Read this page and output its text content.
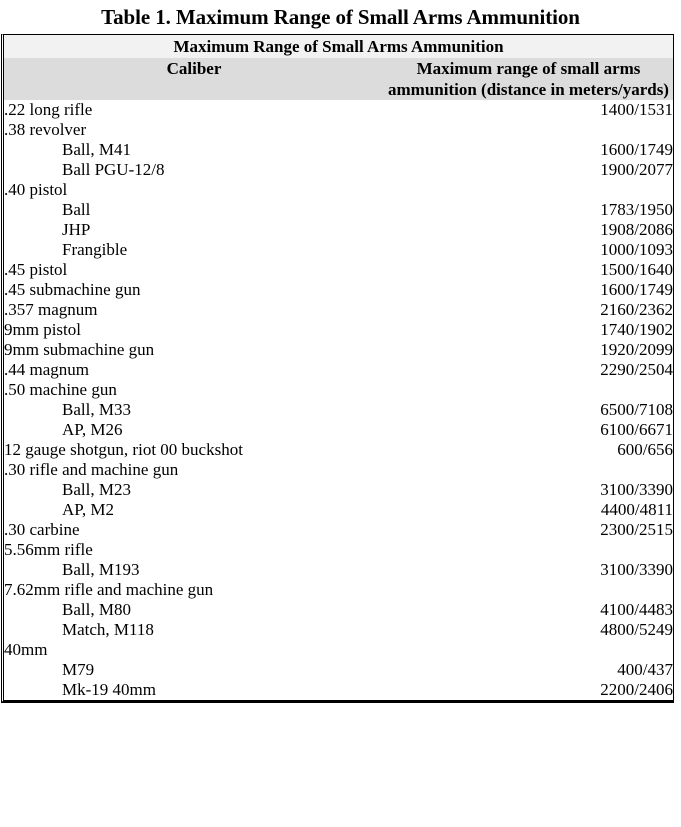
Table 1. Maximum Range of Small Arms Ammunition
Maximum Range of Small Arms Ammunition	
Caliber	Maximum range of small arms ammunition (distance in meters/yards)
.22 long rifle	1400/1531
.38 revolver	
Ball, M41	1600/1749
Ball PGU-12/8	1900/2077
.40 pistol	
Ball	1783/1950
JHP	1908/2086
Frangible	1000/1093
.45 pistol	1500/1640
.45 submachine gun	1600/1749
.357 magnum	2160/2362
9mm pistol	1740/1902
9mm submachine gun	1920/2099
.44 magnum	2290/2504
.50 machine gun	
Ball, M33	6500/7108
AP, M26	6100/6671
12 gauge shotgun, riot 00 buckshot	600/656
.30 rifle and machine gun	
Ball, M23	3100/3390
AP, M2	4400/4811
.30 carbine	2300/2515
5.56mm rifle	
Ball, M193	3100/3390
7.62mm rifle and machine gun	
Ball, M80	4100/4483
Match, M118	4800/5249
40mm	
M79	400/437
Mk-19 40mm	2200/2406
